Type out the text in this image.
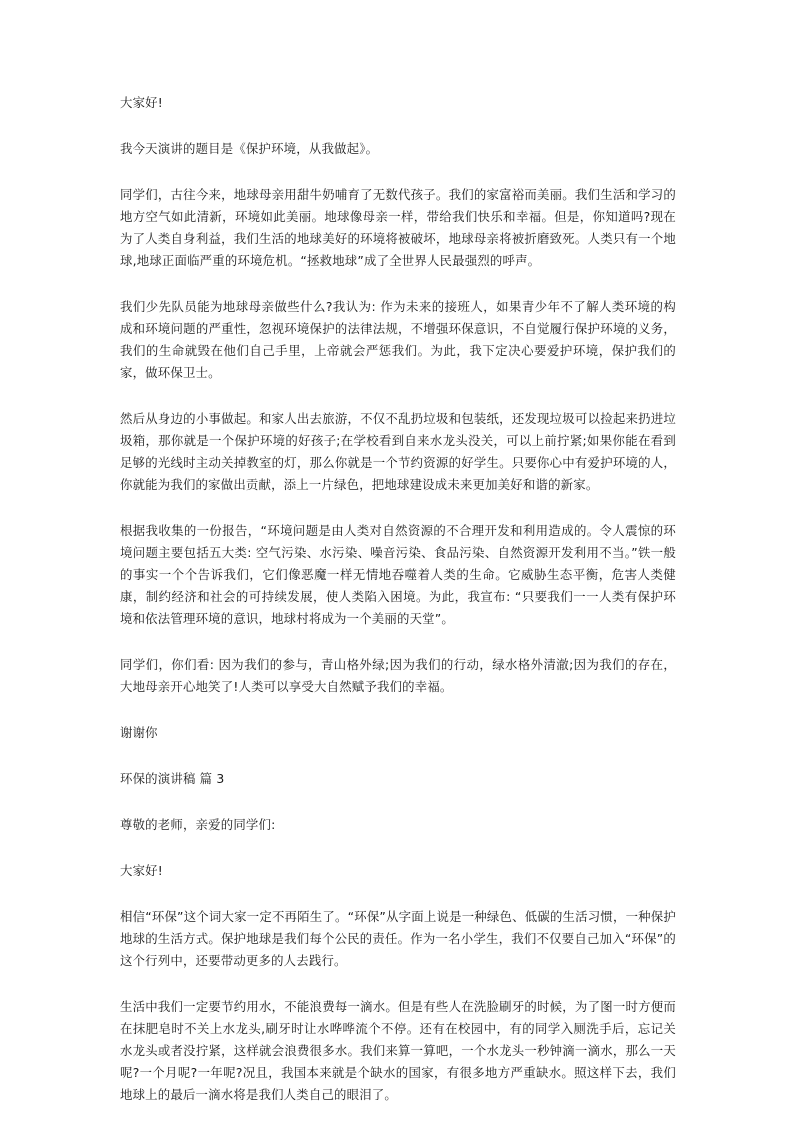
大家好!

我今天演讲的题目是《保护环境，从我做起》。

同学们，古往今来，地球母亲用甜牛奶哺育了无数代孩子。我们的家富裕而美丽。我们生活和学习的地方空气如此清新，环境如此美丽。地球像母亲一样，带给我们快乐和幸福。但是，你知道吗?现在为了人类自身利益，我们生活的地球美好的环境将被破坏，地球母亲将被折磨致死。人类只有一个地球,地球正面临严重的环境危机。“拯救地球”成了全世界人民最强烈的呼声。

我们少先队员能为地球母亲做些什么?我认为: 作为未来的接班人，如果青少年不了解人类环境的构成和环境问题的严重性，忽视环境保护的法律法规，不增强环保意识，不自觉履行保护环境的义务，我们的生命就毁在他们自己手里，上帝就会严惩我们。为此，我下定决心要爱护环境，保护我们的家，做环保卫士。

然后从身边的小事做起。和家人出去旅游，不仅不乱扔垃圾和包装纸，还发现垃圾可以捡起来扔进垃圾箱，那你就是一个保护环境的好孩子;在学校看到自来水龙头没关，可以上前拧紧;如果你能在看到足够的光线时主动关掉教室的灯，那么你就是一个节约资源的好学生。只要你心中有爱护环境的人，你就能为我们的家做出贡献，添上一片绿色，把地球建设成未来更加美好和谐的新家。

根据我收集的一份报告，“环境问题是由人类对自然资源的不合理开发和利用造成的。令人震惊的环境问题主要包括五大类: 空气污染、水污染、噪音污染、食品污染、自然资源开发利用不当。”铁一般的事实一个个告诉我们，它们像恶魔一样无情地吞噬着人类的生命。它威胁生态平衡，危害人类健康，制约经济和社会的可持续发展，使人类陷入困境。为此，我宣布: “只要我们一一人类有保护环境和依法管理环境的意识，地球村将成为一个美丽的天堂”。

同学们，你们看: 因为我们的参与，青山格外绿;因为我们的行动，绿水格外清澈;因为我们的存在，大地母亲开心地笑了!人类可以享受大自然赋予我们的幸福。

谢谢你

环保的演讲稿 篇 3

尊敬的老师，亲爱的同学们:

大家好!

相信“环保”这个词大家一定不再陌生了。“环保”从字面上说是一种绿色、低碳的生活习惯，一种保护地球的生活方式。保护地球是我们每个公民的责任。作为一名小学生，我们不仅要自己加入“环保”的这个行列中，还要带动更多的人去践行。

生活中我们一定要节约用水，不能浪费每一滴水。但是有些人在洗脸刷牙的时候，为了图一时方便而在抹肥皂时不关上水龙头,刷牙时让水哗哗流个不停。还有在校园中，有的同学入厕洗手后，忘记关水龙头或者没拧紧，这样就会浪费很多水。我们来算一算吧，一个水龙头一秒钟滴一滴水，那么一天呢?一个月呢?一年呢?况且，我国本来就是个缺水的国家，有很多地方严重缺水。照这样下去，我们地球上的最后一滴水将是我们人类自己的眼泪了。
